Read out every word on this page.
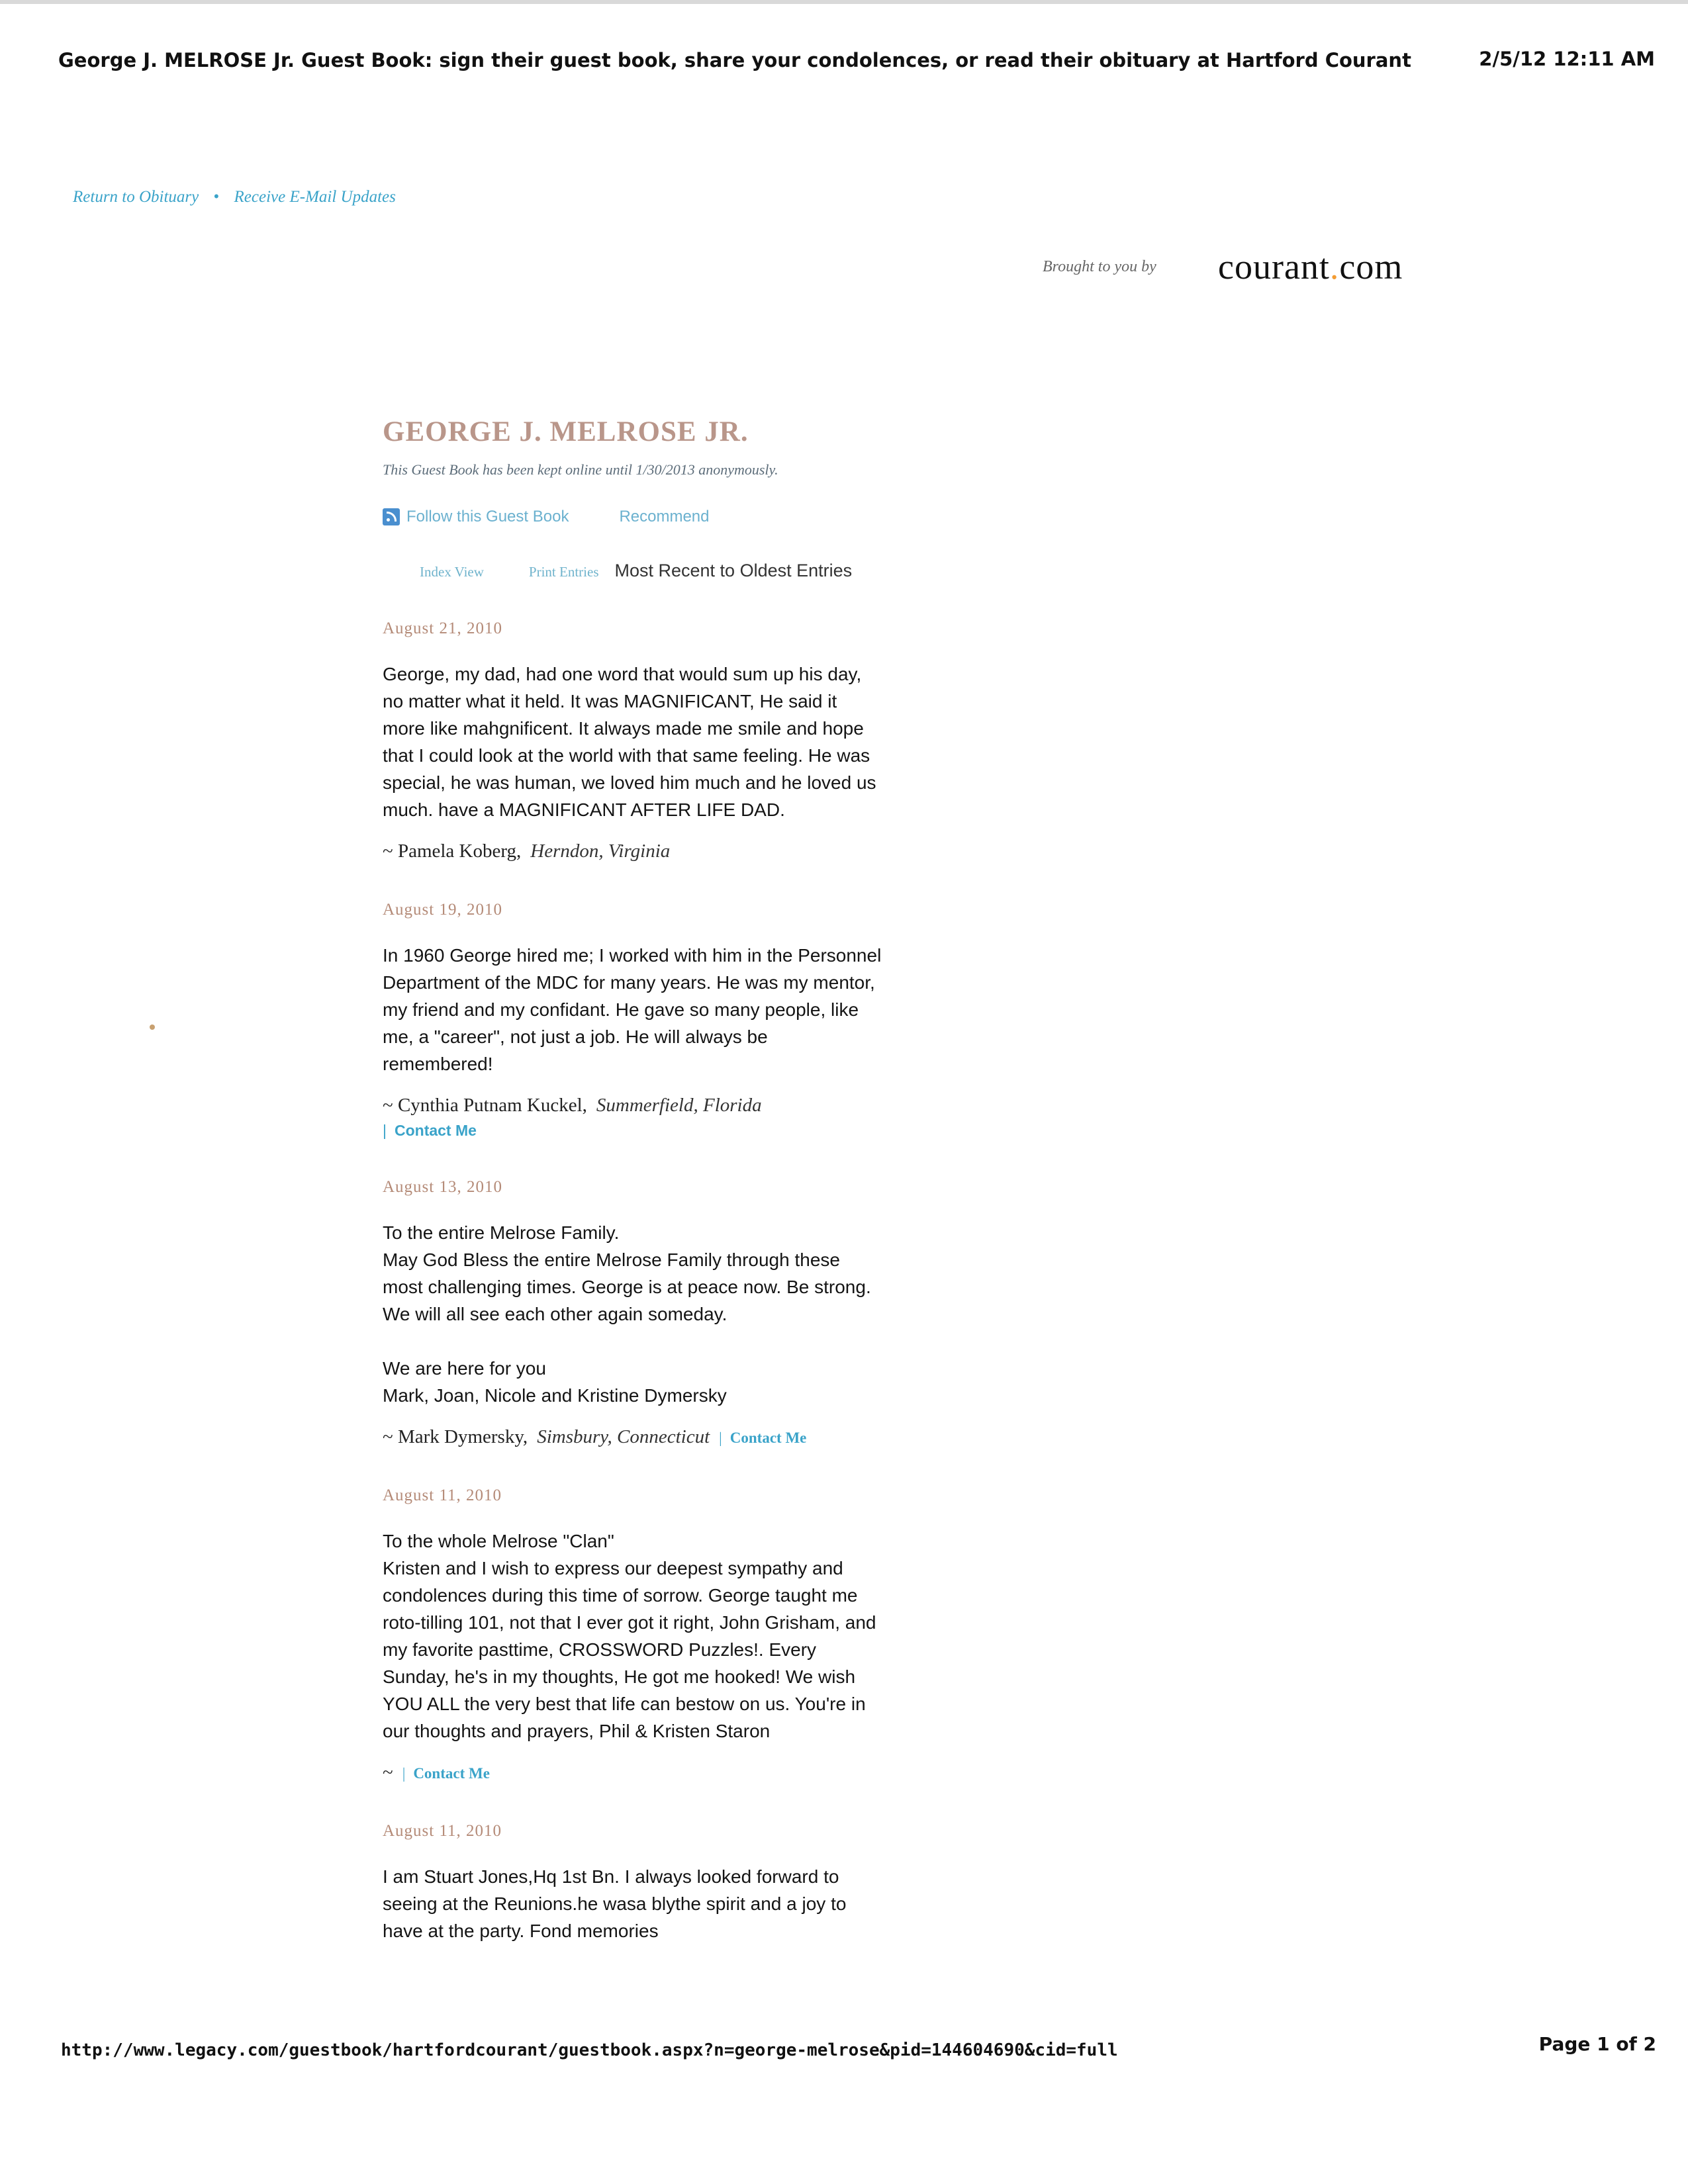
George J. MELROSE Jr. Guest Book: sign their guest book, share your condolences, or read their obituary at Hartford Courant	2/5/12 12:11 AM
Return to Obituary • Receive E-Mail Updates
Brought to you by courant.com
GEORGE J. MELROSE JR.
This Guest Book has been kept online until 1/30/2013 anonymously.
Follow this Guest Book	Recommend
Index View	Print Entries Most Recent to Oldest Entries
August 21, 2010
George, my dad, had one word that would sum up his day,
no matter what it held. It was MAGNIFICANT, He said it
more like mahgnificent. It always made me smile and hope
that I could look at the world with that same feeling. He was
special, he was human, we loved him much and he loved us
much. have a MAGNIFICANT AFTER LIFE DAD.
~ Pamela Koberg, Herndon, Virginia
August 19, 2010
In 1960 George hired me; I worked with him in the Personnel
Department of the MDC for many years. He was my mentor,
my friend and my confidant. He gave so many people, like
me, a "career", not just a job. He will always be
remembered!
~ Cynthia Putnam Kuckel, Summerfield, Florida
| Contact Me
August 13, 2010
To the entire Melrose Family.
May God Bless the entire Melrose Family through these
most challenging times. George is at peace now. Be strong.
We will all see each other again someday.

We are here for you
Mark, Joan, Nicole and Kristine Dymersky
~ Mark Dymersky, Simsbury, Connecticut | Contact Me
August 11, 2010
To the whole Melrose "Clan"
Kristen and I wish to express our deepest sympathy and
condolences during this time of sorrow. George taught me
roto-tilling 101, not that I ever got it right, John Grisham, and
my favorite pasttime, CROSSWORD Puzzles!. Every
Sunday, he's in my thoughts, He got me hooked! We wish
YOU ALL the very best that life can bestow on us. You're in
our thoughts and prayers, Phil & Kristen Staron
~ | Contact Me
August 11, 2010
I am Stuart Jones,Hq 1st Bn. I always looked forward to
seeing at the Reunions.he wasa blythe spirit and a joy to
have at the party. Fond memories
http://www.legacy.com/guestbook/hartfordcourant/guestbook.aspx?n=george-melrose&pid=144604690&cid=full	Page 1 of 2
